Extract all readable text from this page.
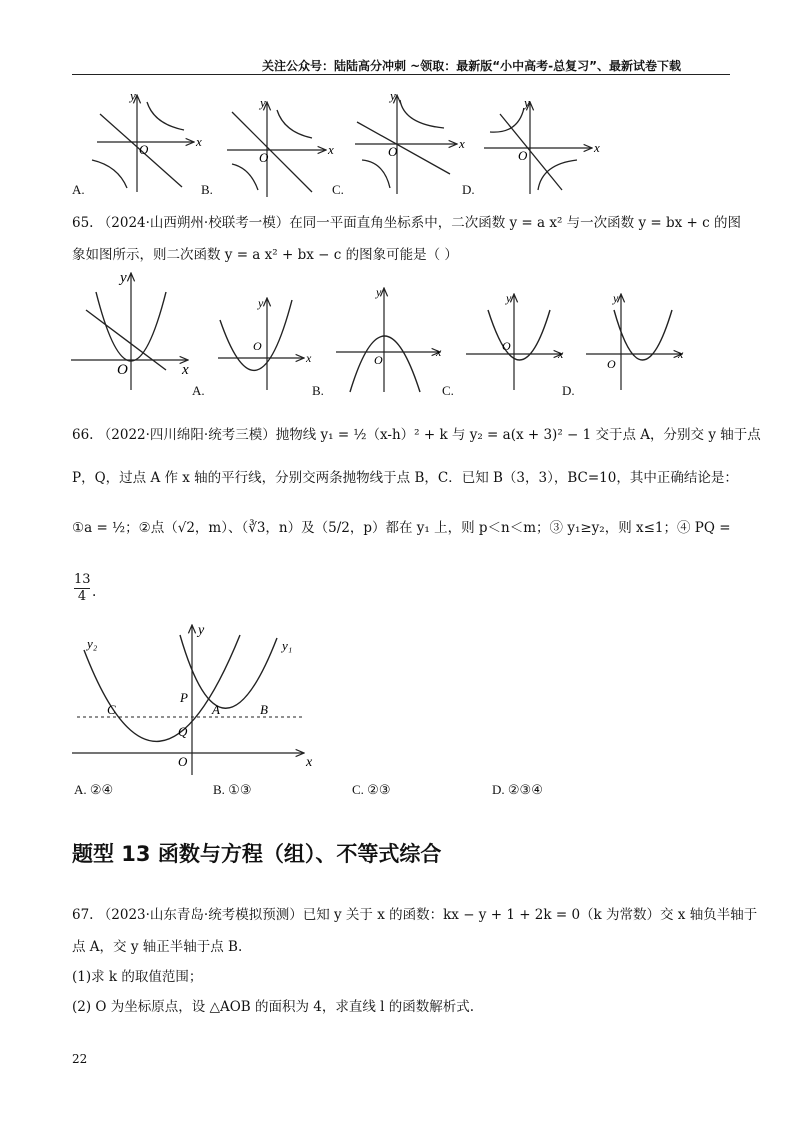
关注公众号：陆陆高分冲刺 ~领取：最新版“小中高考-总复习”、最新试卷下载
x
y
O	x
y
O
x
y
O	x
y
O
A.	B.	C.	D.
65. （2024·山西朔州·校联考一模）在同一平面直角坐标系中，二次函数 y = a x² 与一次函数 y = bx + c 的图
象如图所示，则二次函数 y = a x² + bx − c 的图象可能是（ ）
x
y
O
x
y
O	x
y
O	x
y
O
x
y
O
A.	B.	C.	D.
66. （2022·四川绵阳·统考三模）抛物线 y₁ = ½（x-h）² + k 与 y₂ = a(x + 3)² − 1 交于点 A，分别交 y 轴于点
P，Q，过点 A 作 x 轴的平行线，分别交两条抛物线于点 B，C．已知 B（3，3），BC=10，其中正确结论是：
①a = ½；②点（√2，m）、（∛3，n）及（5/2，p）都在 y₁ 上，则 p＜n＜m；③ y₁≥y₂，则 x≤1；④ PQ =
$\frac{13}{4}$ .
y₂	y₁
y
x
P
A	B
C
Q
O
A. ②④	B. ①③	C. ②③	D. ②③④
题型 13 函数与方程（组）、不等式综合
67. （2023·山东青岛·统考模拟预测）已知 y 关于 x 的函数：kx − y + 1 + 2k = 0（k 为常数）交 x 轴负半轴于
点 A，交 y 轴正半轴于点 B.
(1)求 k 的取值范围；
(2) O 为坐标原点，设 △AOB 的面积为 4，求直线 l 的函数解析式.
22
